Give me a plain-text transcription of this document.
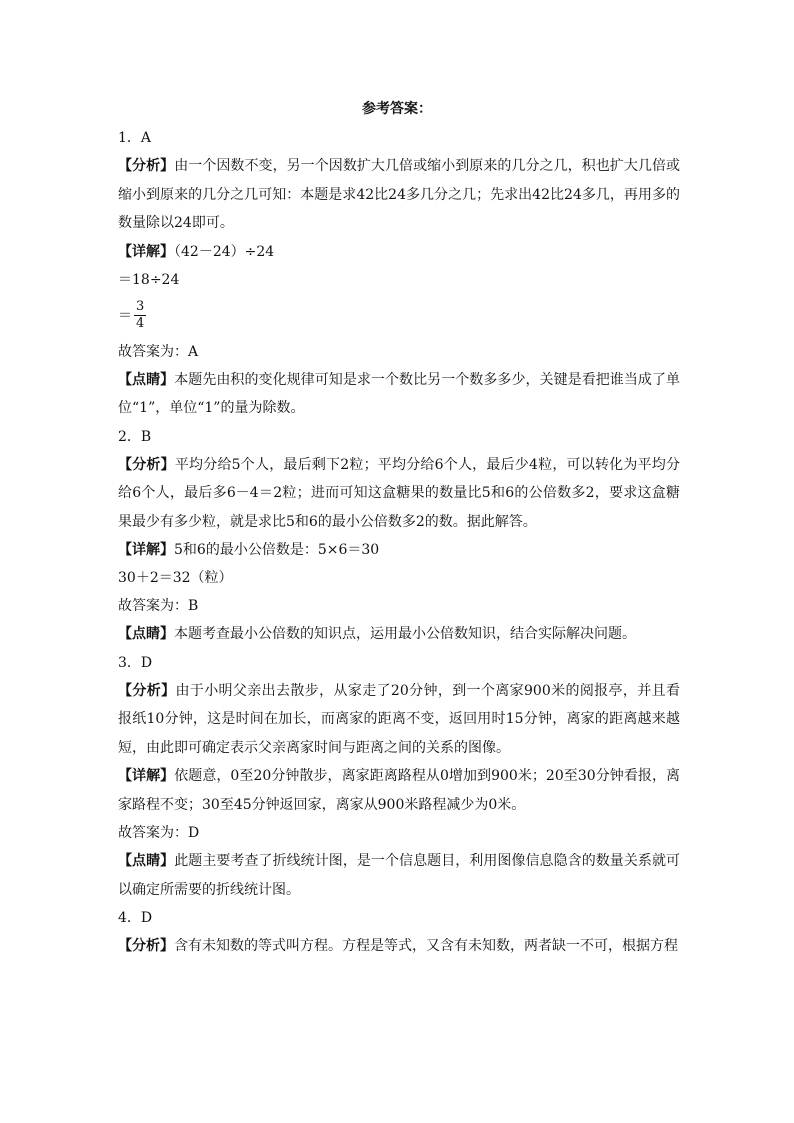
参考答案：
1．A
【分析】由一个因数不变，另一个因数扩大几倍或缩小到原来的几分之几，积也扩大几倍或缩小到原来的几分之几可知：本题是求42比24多几分之几；先求出42比24多几，再用多的数量除以24即可。
【详解】（42－24）÷24
＝18÷24
＝ $\frac{3}{4}$
故答案为：A
【点睛】本题先由积的变化规律可知是求一个数比另一个数多多少，关键是看把谁当成了单位“1”，单位“1”的量为除数。
2．B
【分析】平均分给5个人，最后剩下2粒；平均分给6个人，最后少4粒，可以转化为平均分给6个人，最后多6－4＝2粒；进而可知这盒糖果的数量比5和6的公倍数多2，要求这盒糖果最少有多少粒，就是求比5和6的最小公倍数多2的数。据此解答。
【详解】5和6的最小公倍数是：5×6＝30
30＋2＝32（粒）
故答案为：B
【点睛】本题考查最小公倍数的知识点，运用最小公倍数知识，结合实际解决问题。
3．D
【分析】由于小明父亲出去散步，从家走了20分钟，到一个离家900米的阅报亭，并且看报纸10分钟，这是时间在加长，而离家的距离不变，返回用时15分钟，离家的距离越来越短，由此即可确定表示父亲离家时间与距离之间的关系的图像。
【详解】依题意，0至20分钟散步，离家距离路程从0增加到900米；20至30分钟看报，离家路程不变；30至45分钟返回家，离家从900米路程减少为0米。
故答案为：D
【点睛】此题主要考查了折线统计图，是一个信息题目，利用图像信息隐含的数量关系就可以确定所需要的折线统计图。
4．D
【分析】含有未知数的等式叫方程。方程是等式，又含有未知数，两者缺一不可，根据方程
